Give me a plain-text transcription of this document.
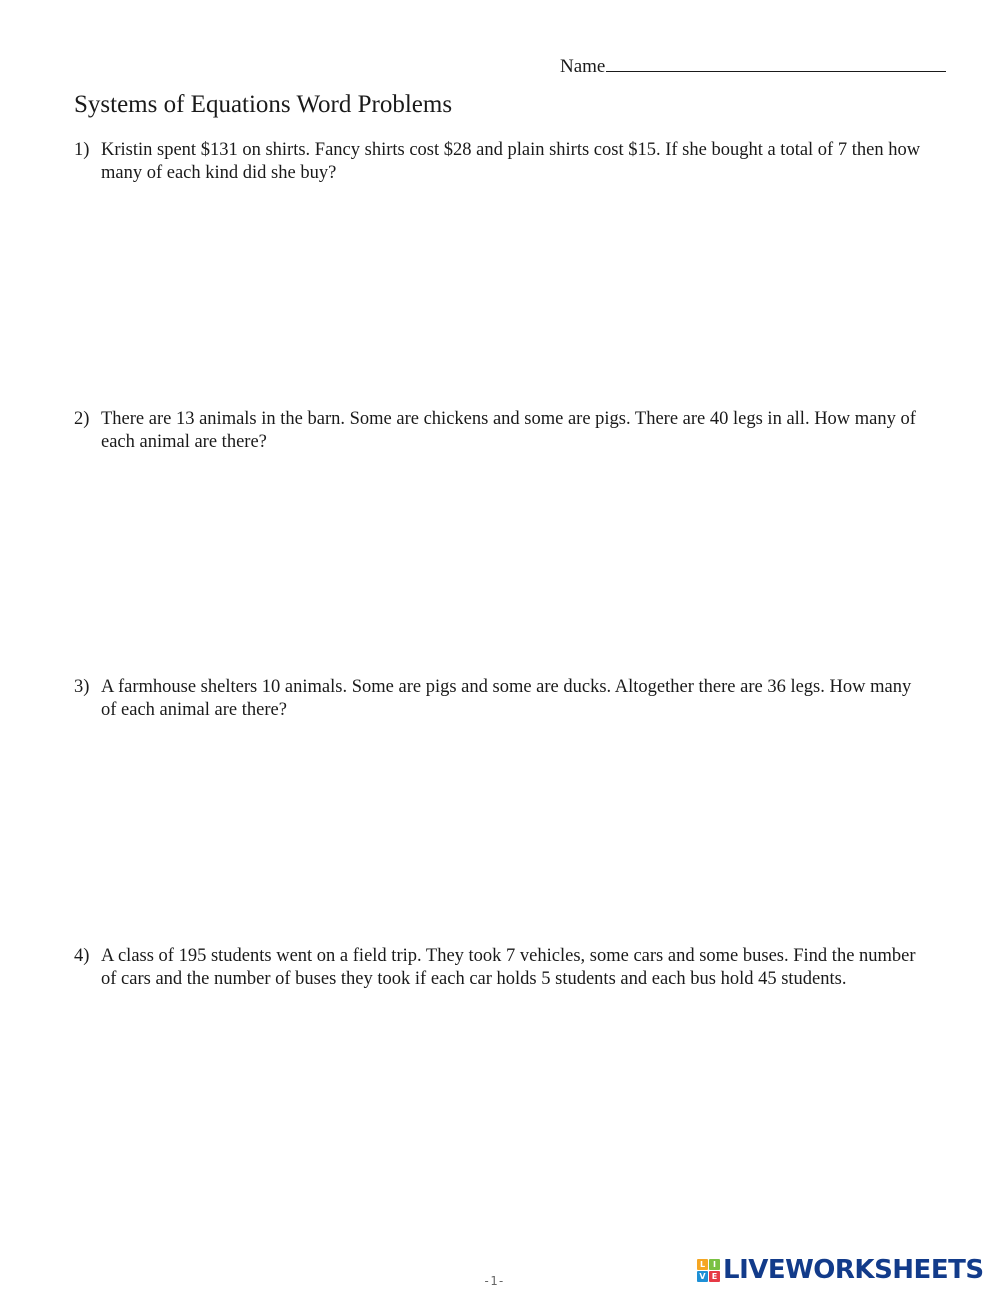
Name
Systems of Equations Word Problems
1) Kristin spent $131 on shirts. Fancy shirts cost $28 and plain shirts cost $15. If she bought a total of 7 then how many of each kind did she buy?
2) There are 13 animals in the barn. Some are chickens and some are pigs. There are 40 legs in all. How many of each animal are there?
3) A farmhouse shelters 10 animals. Some are pigs and some are ducks. Altogether there are 36 legs. How many of each animal are there?
4) A class of 195 students went on a field trip. They took 7 vehicles, some cars and some buses. Find the number of cars and the number of buses they took if each car holds 5 students and each bus hold 45 students.
-1-
L I
V E LIVEWORKSHEETS
